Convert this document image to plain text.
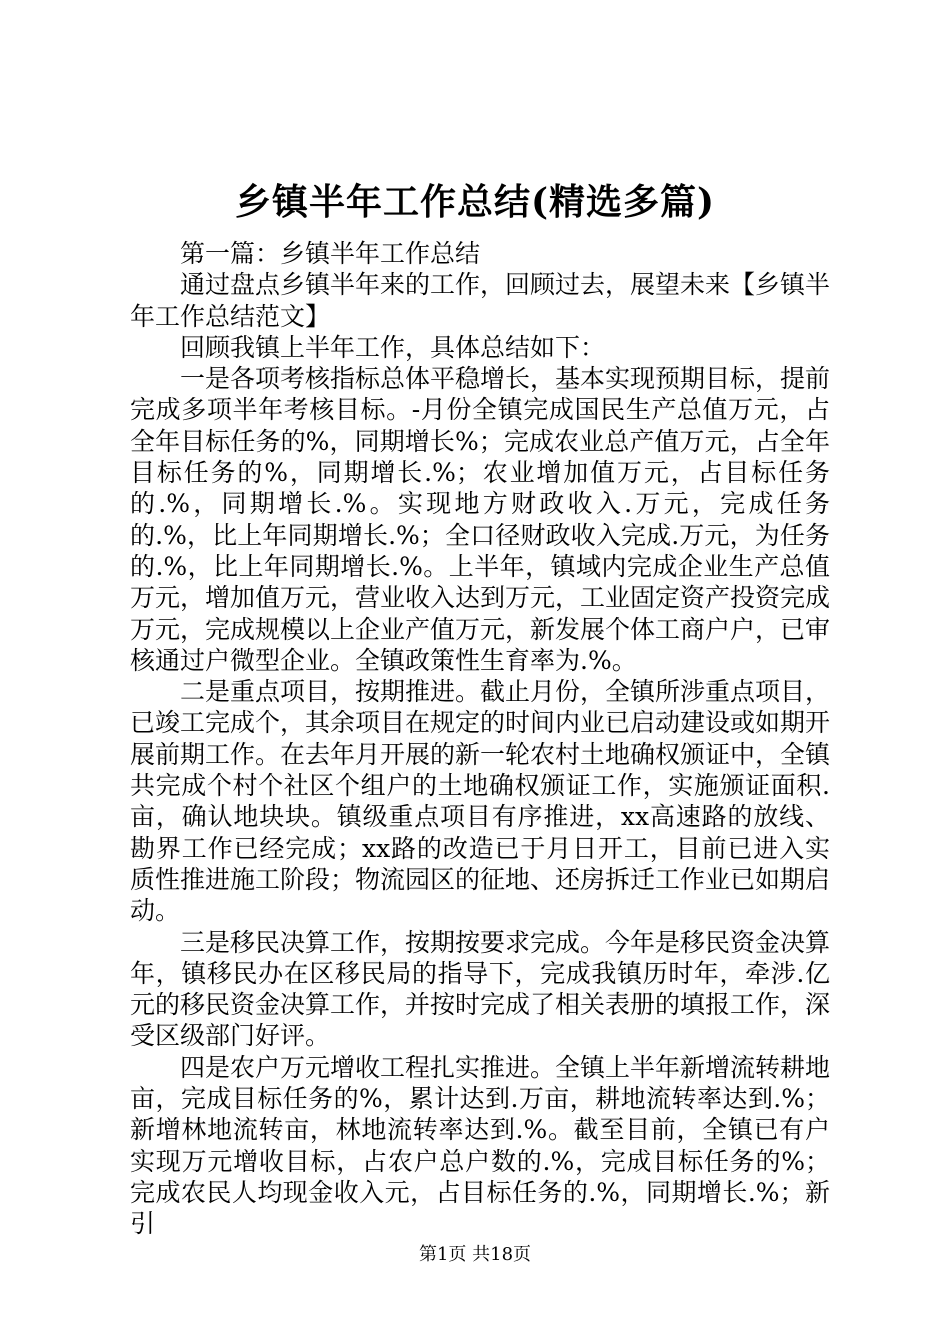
乡镇半年工作总结(精选多篇)

第一篇：乡镇半年工作总结

通过盘点乡镇半年来的工作，回顾过去，展望未来【乡镇半年工作总结范文】

回顾我镇上半年工作，具体总结如下：

一是各项考核指标总体平稳增长，基本实现预期目标，提前完成多项半年考核目标。-月份全镇完成国民生产总值万元，占全年目标任务的%，同期增长%；完成农业总产值万元，占全年目标任务的%，同期增长.%；农业增加值万元，占目标任务的.%，同期增长.%。实现地方财政收入.万元，完成任务的.%，比上年同期增长.%；全口径财政收入完成.万元，为任务的.%，比上年同期增长.%。上半年，镇域内完成企业生产总值万元，增加值万元，营业收入达到万元，工业固定资产投资完成万元，完成规模以上企业产值万元，新发展个体工商户户，已审核通过户微型企业。全镇政策性生育率为.%。

二是重点项目，按期推进。截止月份，全镇所涉重点项目，已竣工完成个，其余项目在规定的时间内业已启动建设或如期开展前期工作。在去年月开展的新一轮农村土地确权颁证中，全镇共完成个村个社区个组户的土地确权颁证工作，实施颁证面积.亩，确认地块块。镇级重点项目有序推进，xx高速路的放线、勘界工作已经完成；xx路的改造已于月日开工，目前已进入实质性推进施工阶段；物流园区的征地、还房拆迁工作业已如期启动。

三是移民决算工作，按期按要求完成。今年是移民资金决算年，镇移民办在区移民局的指导下，完成我镇历时年，牵涉.亿元的移民资金决算工作，并按时完成了相关表册的填报工作，深受区级部门好评。

四是农户万元增收工程扎实推进。全镇上半年新增流转耕地亩，完成目标任务的%，累计达到.万亩，耕地流转率达到.%；新增林地流转亩，林地流转率达到.%。截至目前，全镇已有户实现万元增收目标，占农户总户数的.%，完成目标任务的%；完成农民人均现金收入元，占目标任务的.%，同期增长.%；新引

第1页 共18页
